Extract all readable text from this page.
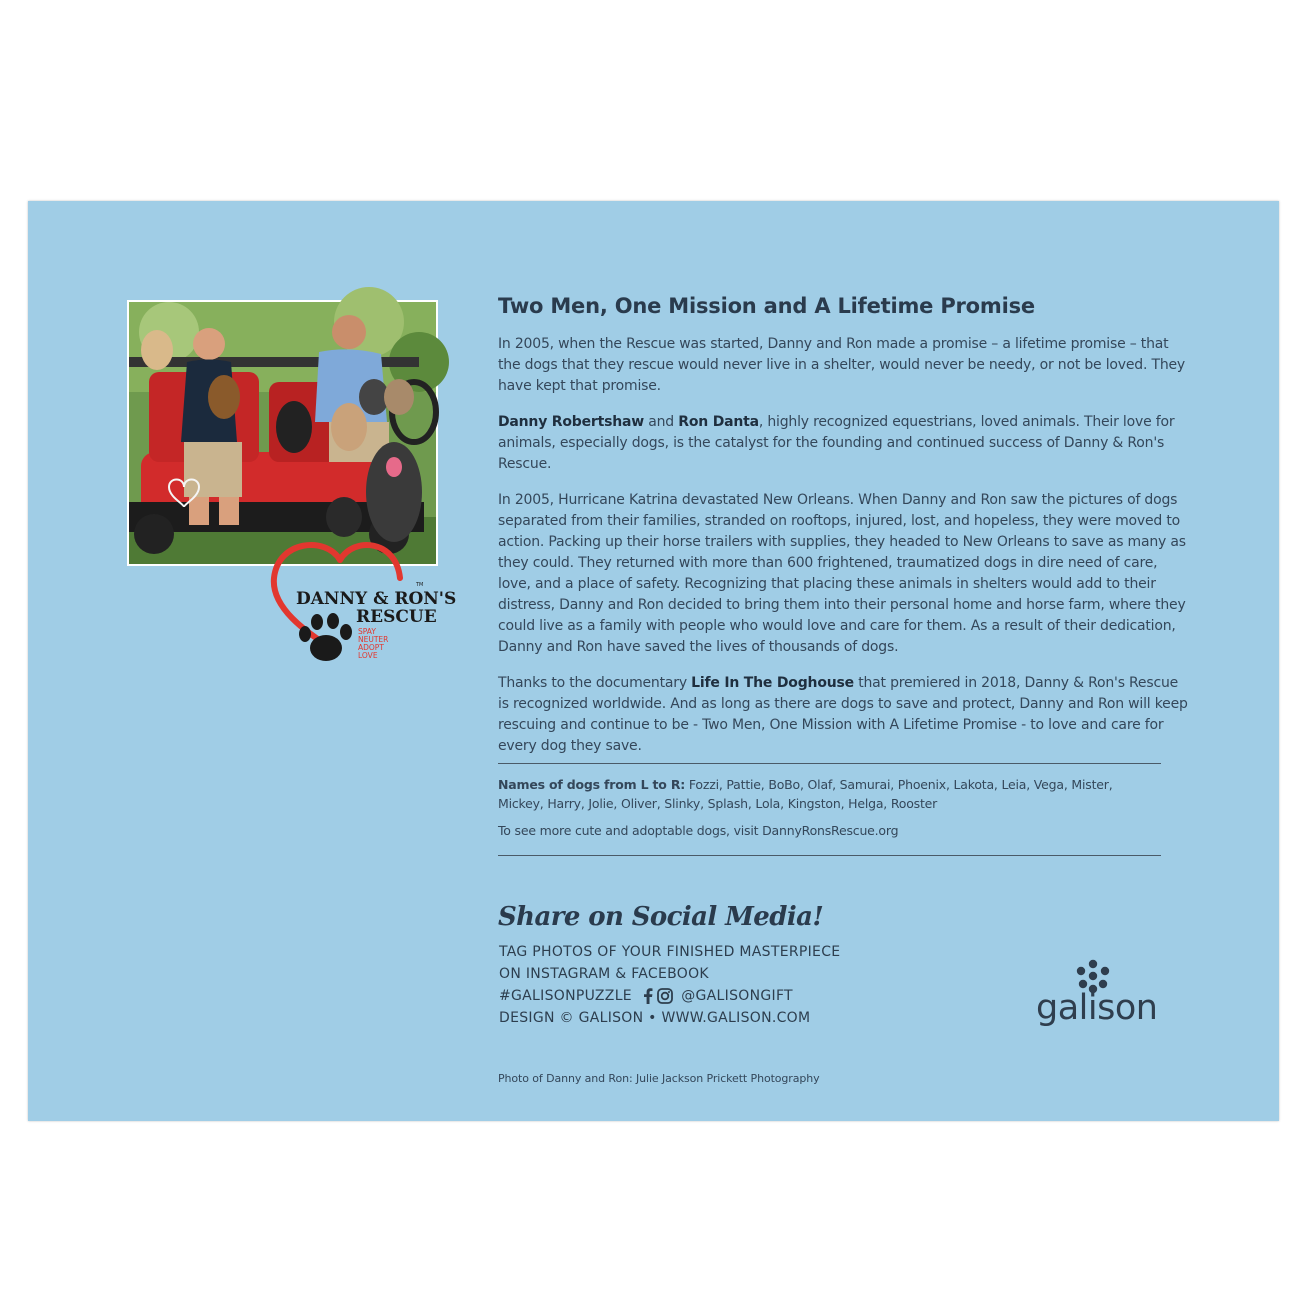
DANNY & RON'S
TM
RESCUE
SPAY
NEUTER
ADOPT
LOVE
Two Men, One Mission and A Lifetime Promise

In 2005, when the Rescue was started, Danny and Ron made a promise – a lifetime promise – that the dogs that they rescue would never live in a shelter, would never be needy, or not be loved. They have kept that promise.

Danny Robertshaw and Ron Danta, highly recognized equestrians, loved animals. Their love for animals, especially dogs, is the catalyst for the founding and continued success of Danny & Ron's Rescue.

In 2005, Hurricane Katrina devastated New Orleans. When Danny and Ron saw the pictures of dogs separated from their families, stranded on rooftops, injured, lost, and hopeless, they were moved to action. Packing up their horse trailers with supplies, they headed to New Orleans to save as many as they could. They returned with more than 600 frightened, traumatized dogs in dire need of care, love, and a place of safety. Recognizing that placing these animals in shelters would add to their distress, Danny and Ron decided to bring them into their personal home and horse farm, where they could live as a family with people who would love and care for them. As a result of their dedication, Danny and Ron have saved the lives of thousands of dogs.

Thanks to the documentary Life In The Doghouse that premiered in 2018, Danny & Ron's Rescue is recognized worldwide. And as long as there are dogs to save and protect, Danny and Ron will keep rescuing and continue to be - Two Men, One Mission with A Lifetime Promise - to love and care for every dog they save.

Names of dogs from L to R: Fozzi, Pattie, BoBo, Olaf, Samurai, Phoenix, Lakota, Leia, Vega, Mister, Mickey, Harry, Jolie, Oliver, Slinky, Splash, Lola, Kingston, Helga, Rooster
To see more cute and adoptable dogs, visit DannyRonsRescue.org
Share on Social Media!
TAG PHOTOS OF YOUR FINISHED MASTERPIECE
ON INSTAGRAM & FACEBOOK
#GALISONPUZZLE	@GALISONGIFT
DESIGN © GALISON • WWW.GALISON.COM
Photo of Danny and Ron: Julie Jackson Prickett Photography
galison
